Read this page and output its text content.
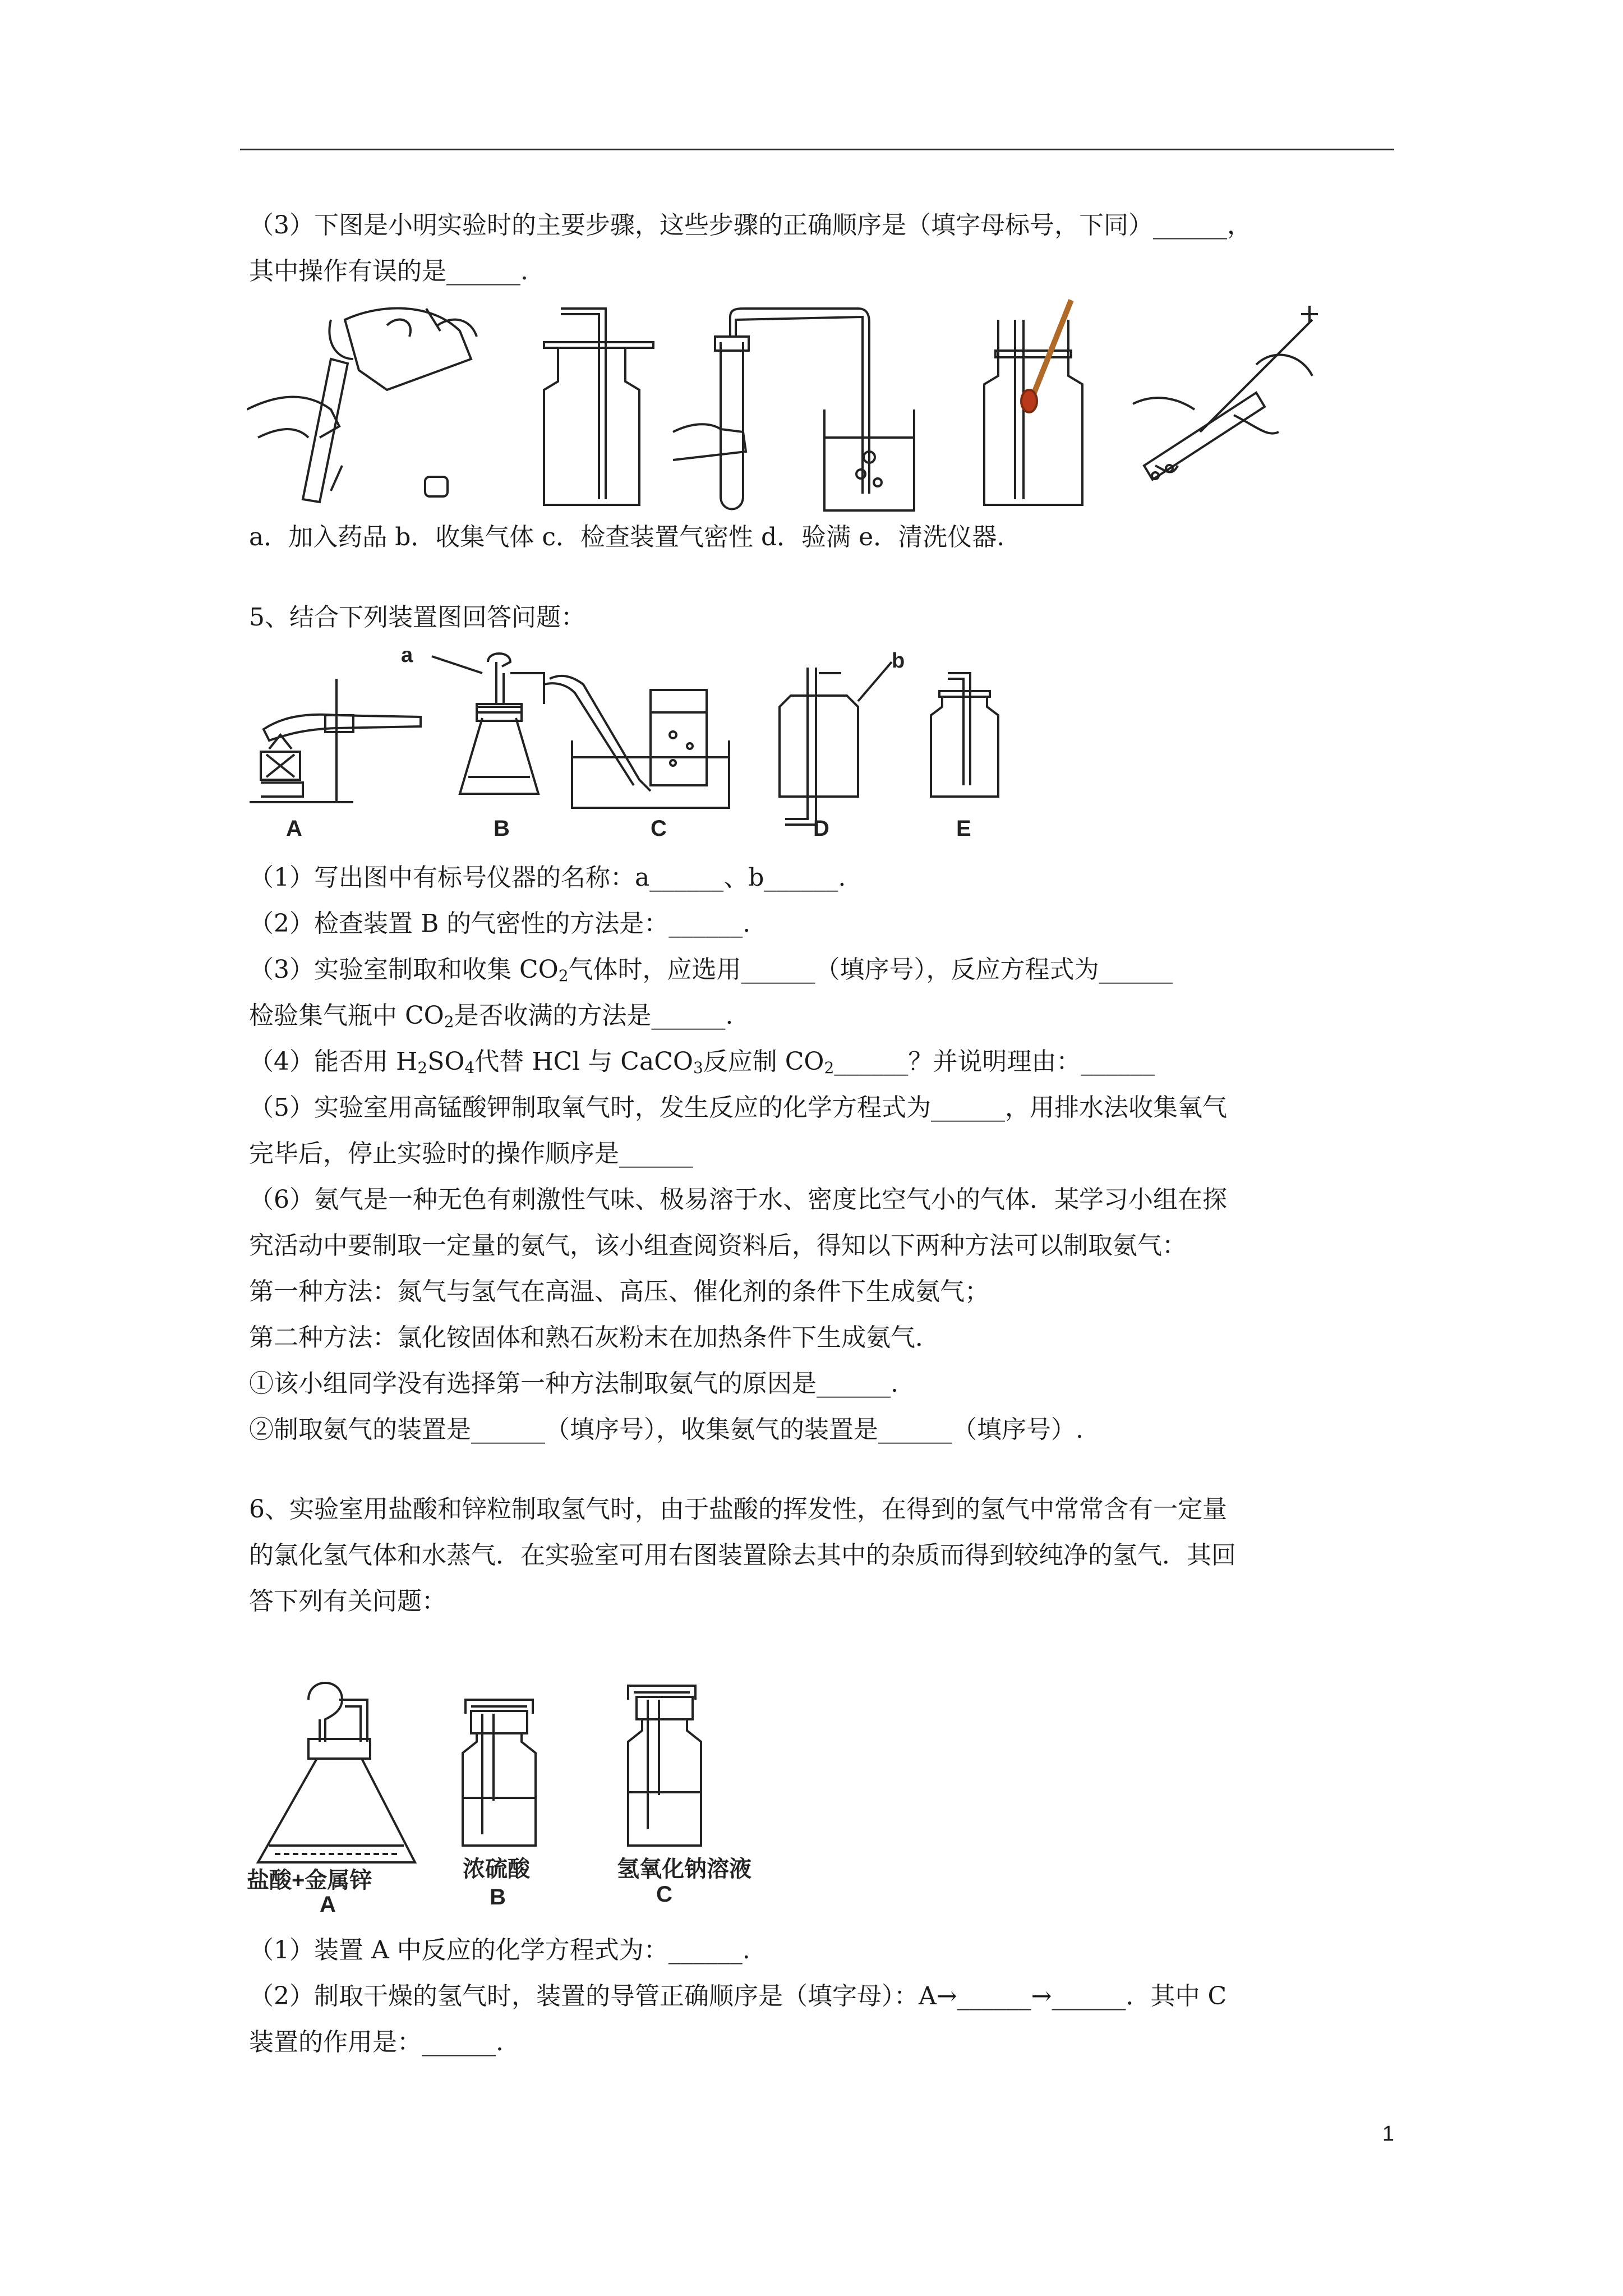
（3）下图是小明实验时的主要步骤，这些步骤的正确顺序是（填字母标号，下同）______，
其中操作有误的是______.
a．加入药品 b．收集气体 c．检查装置气密性 d．验满 e．清洗仪器.
5、结合下列装置图回答问题：
a	b
A	B	C	D	E
（1）写出图中有标号仪器的名称：a______、b______.
（2）检查装置 B 的气密性的方法是：______.
（3）实验室制取和收集 $CO_2$气体时，应选用______（填序号），反应方程式为______
检验集气瓶中 $CO_2$是否收满的方法是______.
（4）能否用 $H_2SO_4$代替 HCl 与 CaCO$_3$反应制 $CO_2\_\_\_\_\_\_$？并说明理由：______
（5）实验室用高锰酸钾制取氧气时，发生反应的化学方程式为______，用排水法收集氧气
完毕后，停止实验时的操作顺序是______
（6）氨气是一种无色有刺激性气味、极易溶于水、密度比空气小的气体．某学习小组在探
究活动中要制取一定量的氨气，该小组查阅资料后，得知以下两种方法可以制取氨气：
第一种方法：氮气与氢气在高温、高压、催化剂的条件下生成氨气；
第二种方法：氯化铵固体和熟石灰粉末在加热条件下生成氨气．
①该小组同学没有选择第一种方法制取氨气的原因是______.
②制取氨气的装置是______（填序号），收集氨气的装置是______（填序号）.
6、实验室用盐酸和锌粒制取氢气时，由于盐酸的挥发性，在得到的氢气中常常含有一定量
的氯化氢气体和水蒸气．在实验室可用右图装置除去其中的杂质而得到较纯净的氢气．其回
答下列有关问题：
盐酸+金属锌
A
浓硫酸
B
氢氧化钠溶液
C
（1）装置 A 中反应的化学方程式为：______.
（2）制取干燥的氢气时，装置的导管正确顺序是（填字母）：A→______→______．其中 C
装置的作用是：______.
1
